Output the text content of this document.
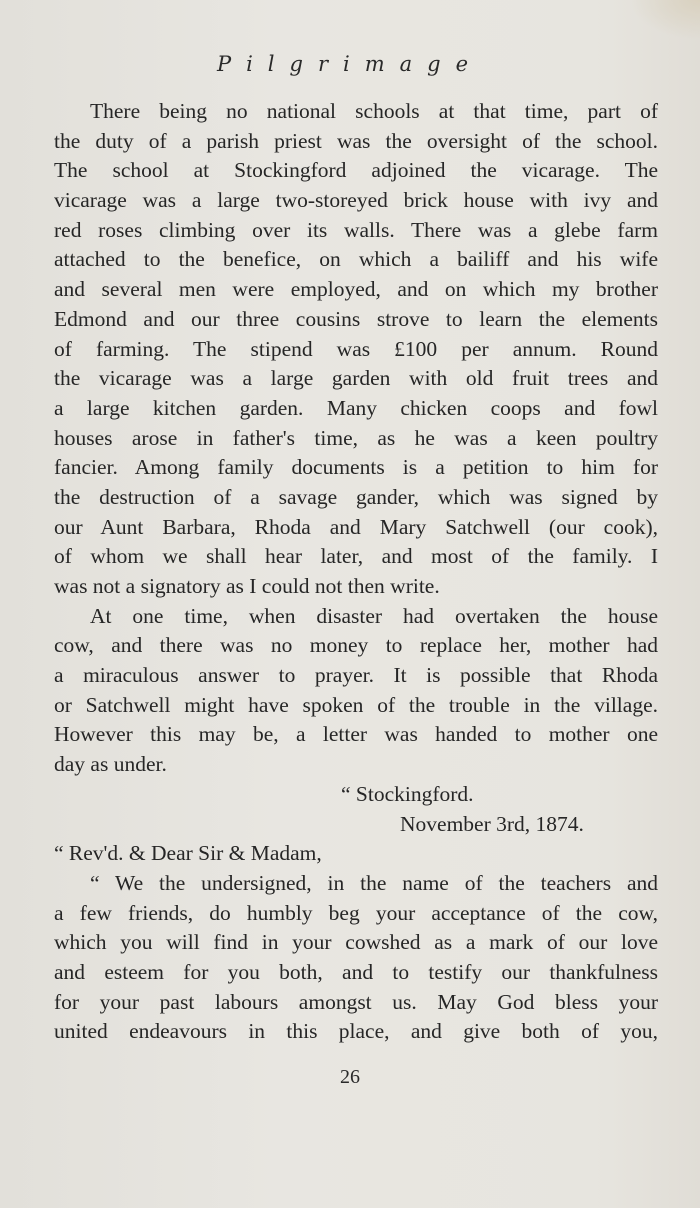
Pilgrimage
There being no national schools at that time, part of
the duty of a parish priest was the oversight of the school.
The school at Stockingford adjoined the vicarage. The
vicarage was a large two-storeyed brick house with ivy and
red roses climbing over its walls. There was a glebe farm
attached to the benefice, on which a bailiff and his wife
and several men were employed, and on which my brother
Edmond and our three cousins strove to learn the elements
of farming. The stipend was £100 per annum. Round
the vicarage was a large garden with old fruit trees and
a large kitchen garden. Many chicken coops and fowl
houses arose in father's time, as he was a keen poultry
fancier. Among family documents is a petition to him for
the destruction of a savage gander, which was signed by
our Aunt Barbara, Rhoda and Mary Satchwell (our cook),
of whom we shall hear later, and most of the family. I
was not a signatory as I could not then write.
At one time, when disaster had overtaken the house
cow, and there was no money to replace her, mother had
a miraculous answer to prayer. It is possible that Rhoda
or Satchwell might have spoken of the trouble in the village.
However this may be, a letter was handed to mother one
day as under.
“ Stockingford.
November 3rd, 1874.
“ Rev'd. & Dear Sir & Madam,
“ We the undersigned, in the name of the teachers and
a few friends, do humbly beg your acceptance of the cow,
which you will find in your cowshed as a mark of our love
and esteem for you both, and to testify our thankfulness
for your past labours amongst us. May God bless your
united endeavours in this place, and give both of you,
26
